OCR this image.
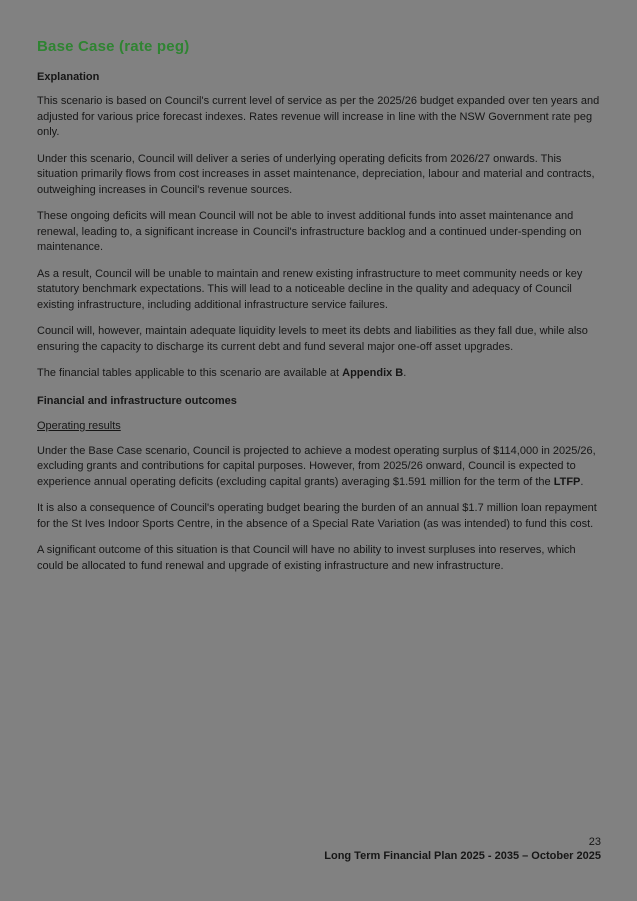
Base Case (rate peg)
Explanation

This scenario is based on Council's current level of service as per the 2025/26 budget expanded over ten years and adjusted for various price forecast indexes. Rates revenue will increase in line with the NSW Government rate peg only.

Under this scenario, Council will deliver a series of underlying operating deficits from 2026/27 onwards. This situation primarily flows from cost increases in asset maintenance, depreciation, labour and material and contracts, outweighing increases in Council's revenue sources.

These ongoing deficits will mean Council will not be able to invest additional funds into asset maintenance and renewal, leading to, a significant increase in Council's infrastructure backlog and a continued under-spending on maintenance.

As a result, Council will be unable to maintain and renew existing infrastructure to meet community needs or key statutory benchmark expectations. This will lead to a noticeable decline in the quality and adequacy of Council existing infrastructure, including additional infrastructure service failures.

Council will, however, maintain adequate liquidity levels to meet its debts and liabilities as they fall due, while also ensuring the capacity to discharge its current debt and fund several major one-off asset upgrades.

The financial tables applicable to this scenario are available at Appendix B.

Financial and infrastructure outcomes
Operating results

Under the Base Case scenario, Council is projected to achieve a modest operating surplus of $114,000 in 2025/26, excluding grants and contributions for capital purposes. However, from 2025/26 onward, Council is expected to experience annual operating deficits (excluding capital grants) averaging $1.591 million for the term of the LTFP.

It is also a consequence of Council's operating budget bearing the burden of an annual $1.7 million loan repayment for the St Ives Indoor Sports Centre, in the absence of a Special Rate Variation (as was intended) to fund this cost.

A significant outcome of this situation is that Council will have no ability to invest surpluses into reserves, which could be allocated to fund renewal and upgrade of existing infrastructure and new infrastructure.

23
Long Term Financial Plan 2025 - 2035 – October 2025
